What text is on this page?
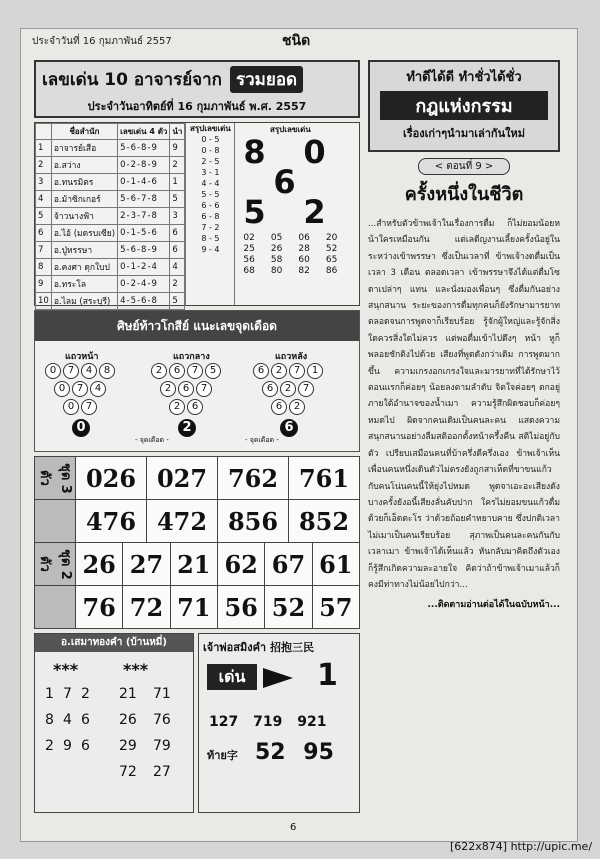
ประจำวันที่ 16 กุมภาพันธ์ 2557	ชนิด
เลขเด่น 10 อาจารย์จาก รวมยอด
ประจำวันอาทิตย์ที่ 16 กุมภาพันธ์ พ.ศ. 2557
	ชื่อสำนัก	เลขเด่น 4 ตัว	นำ
1	อาจารย์เสือ	5-6-8-9	9
2	อ.สว่าง	0-2-8-9	2
3	อ.ทนรมิตร	0-1-4-6	1
4	อ.ม้าซิกเกอร์	5-6-7-8	5
5	จ้าวนางฟ้า	2-3-7-8	3
6	อ.ไอ้ (มดรบเซีย)	0-1-5-6	6
7	อ.ปู่หรรษา	5-6-8-9	6
8	อ.คงศา ดุกใบป	0-1-2-4	4
9	อ.ทระโล	0-2-4-9	2
10	อ.ไลม (สระบุรี)	4-5-6-8	5
สรุปเลขเด่น
0 - 5
0 - 8
2 - 5
3 - 1
4 - 4
5 - 5
6 - 6
6 - 8
7 - 2
8 - 5
9 - 4
สรุปเลขเด่น
8 0
6
5 2
02	05	06	20
25	26	28	52
56	58	60	65
68	80	82	86
ศิษย์ท้าวโกสีย์ แนะเลขจุดเดือด
แถวหน้า	แถวกลาง	แถวหลัง
0	7	4	8
0	7	4
0	7
0
2	6	7	5
2	6	7
2	6
2
6	2	7	1
6	2	7
6	2
6
- จุดเดือด -	- จุดเดือด -
ชุด 3 ตัว	026 027 762 761
476 472 856 852
ชุด 2 ตัว	26 27 21 62 67 61
76 72 71 56 52 57
อ.เสมาทองคำ (บ้านหมี่)
***	***
1 7 2
8 4 6
2 9 6
21 71
26 76
29 79
72 27
เจ้าพ่อสมิงคำ 招抱三民
เด่น	1
127 719 921
ท้าย字 52 95
ทำดีได้ดี ทำชั่วได้ชั่ว
กฎแห่งกรรม
เรื่องเก่าๆนำมาเล่ากันใหม่
< ตอนที่ 9 >
ครั้งหนึ่งในชีวิต
...สำหรับตัวข้าพเจ้าในเรื่องการดื่ม ก็ไม่ยอมน้อยหน้าใครเหมือนกัน แต่เลดีญงานเลี้ยงครั้งน้อยู่ในระหว่างเข้าพรรษา ซึ่งเป็นเวลาที่ ข้าพเจ้างดดื่มเป็นเวลา 3 เดือน ตลอดเวลา เข้าพรรษาจึงได้แต่ดื่มโซดาเปล่าๆ แทน และนั่งมองเพื่อนๆ ซึ่งดื่มกันอย่างสนุกสนาน ระยะของการดื่มทุกคนก็ยังรักษามารยาทตลอดจนการพูดจาก็เรียบร้อย รู้จักผู้ใหญ่และรู้จักสิ่งใดควรสิ่งใดไม่ควร แต่พอดื่มเข้าไปดึงๆ หน้า หูก็พลอยชักติงไปด้วย เสียงที่พูดดังกว่าเดิม การพูดมากขึ้น ความเกรงอกเกรงใจและมารยาทที่ได้รักษาไว้ตอนแรกก็ค่อยๆ น้อยลงตามลำดับ จิตใจค่อยๆ ตกอยู่ภายใต้อำนาจของน้ำเมา ความรู้สึกผิดชอบก็ค่อยๆ หมดไป ผิดจากคนเดิมเป็นคนละคน แสดงความสนุกสนานอย่างลืมสติออกตั้งหน้าครึ้งคืน สติไม่อยู่กับตัว เปรียบเสมือนคนที่บ้าครึ่งดีครึ่งเอง ข้าพเจ้าเห็นเพื่อนคนหนึ่งเดินตัวไม่ตรงยังถูกสาเห็ดที่ขาขนแก้วกับคนโน่นคนนี้ให้ยุ่งไปหมด พูดจาเอะอะเสียงดัง บางครั้งยังอนี้เสียงลั่นคับปาก ใครไม่ยอมขนแก้วดื่มด้วยก็เอ็ดตะโร ว่าด้วยถ้อยคำหยาบคาย ซึ่งปกติเวลาไม่เมาเป็นคนเรียบร้อย สุภาพเป็นคนละคนกันกับเวลาเมา ข้าพเจ้าได้เห็นแล้ว หันกลับมาคิดถึงตัวเอง ก็รู้สึกเกิดความละอายใจ คิดว่าถ้าข้าพเจ้าเมาแล้วก็คงมีท่าทางไม่น้อยไปกว่า...
...ติดตามอ่านต่อได้ในฉบับหน้า...
6
[622x874] http://upic.me/
